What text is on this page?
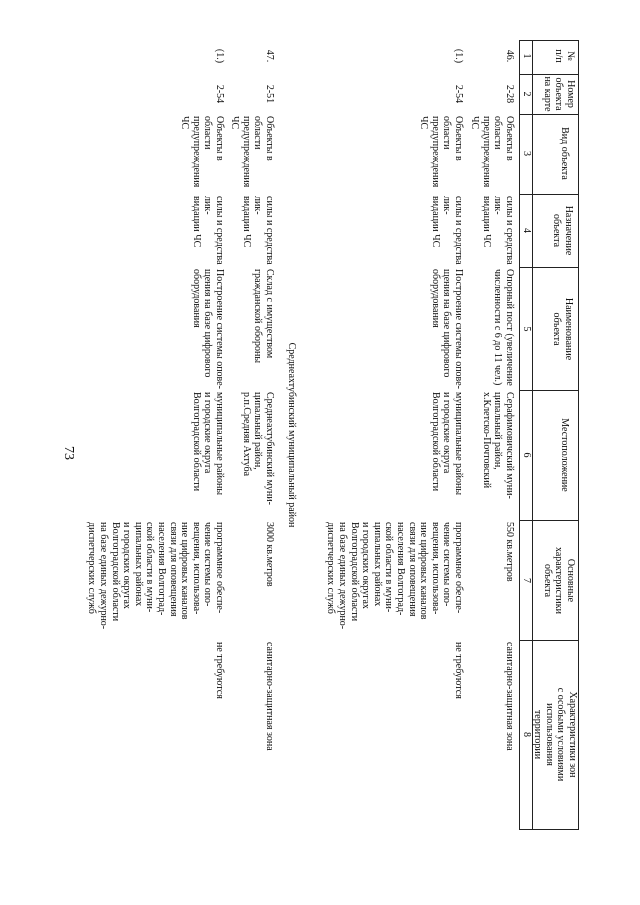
73
№
п/п
Номер
объекта
на карте
Вид объекта
Назначение
объекта
Наименование
объекта
Местоположение
Основные
характеристики
объекта
Характеристики зон
с особыми условиями
использования
территории
1
2
3
4
5
6
7
8
46.
2-28
Объекты в области
предупреждения ЧС
силы и средства лик-
видации ЧС
Опорный пост (увеличение
численности с 6 до 11 чел.)
Серафимовичский муни-
ципальный район,
х.Клетско-Почтовский
550 кв.метров
санитарно-защитная зона
(1.)
2-54
Объекты в области
предупреждения ЧС
силы и средства лик-
видации ЧС
Построение системы опове-
щения на базе цифрового
оборудования
муниципальные районы
и городские округа
Волгоградской области
программное обеспе-
чение системы опо-
вещения, использова-
ние цифровых каналов
связи для оповещения
населения Волгоград-
ской области в муни-
ципальных районах
и городских округах
Волгоградской области
на базе единых дежурно-
диспетчерских служб
не требуются
Среднеахтубинский муниципальный район
47.
2-51
Объекты в области
предупреждения ЧС
силы и средства лик-
видации ЧС
Склад с имуществом
гражданской обороны
Среднеахтубинский муни-
ципальный район,
р.п.Средняя Ахтуба
3000 кв.метров
санитарно-защитная зона
(1.)
2-54
Объекты в области
предупреждения ЧС
силы и средства лик-
видации ЧС
Построение системы опове-
щения на базе цифрового
оборудования
муниципальные районы
и городские округа
Волгоградской области
программное обеспе-
чение системы опо-
вещения, использова-
ние цифровых каналов
связи для оповещения
населения Волгоград-
ской области в муни-
ципальных районах
и городских округах
Волгоградской области
на базе единых дежурно-
диспетчерских служб
не требуются
